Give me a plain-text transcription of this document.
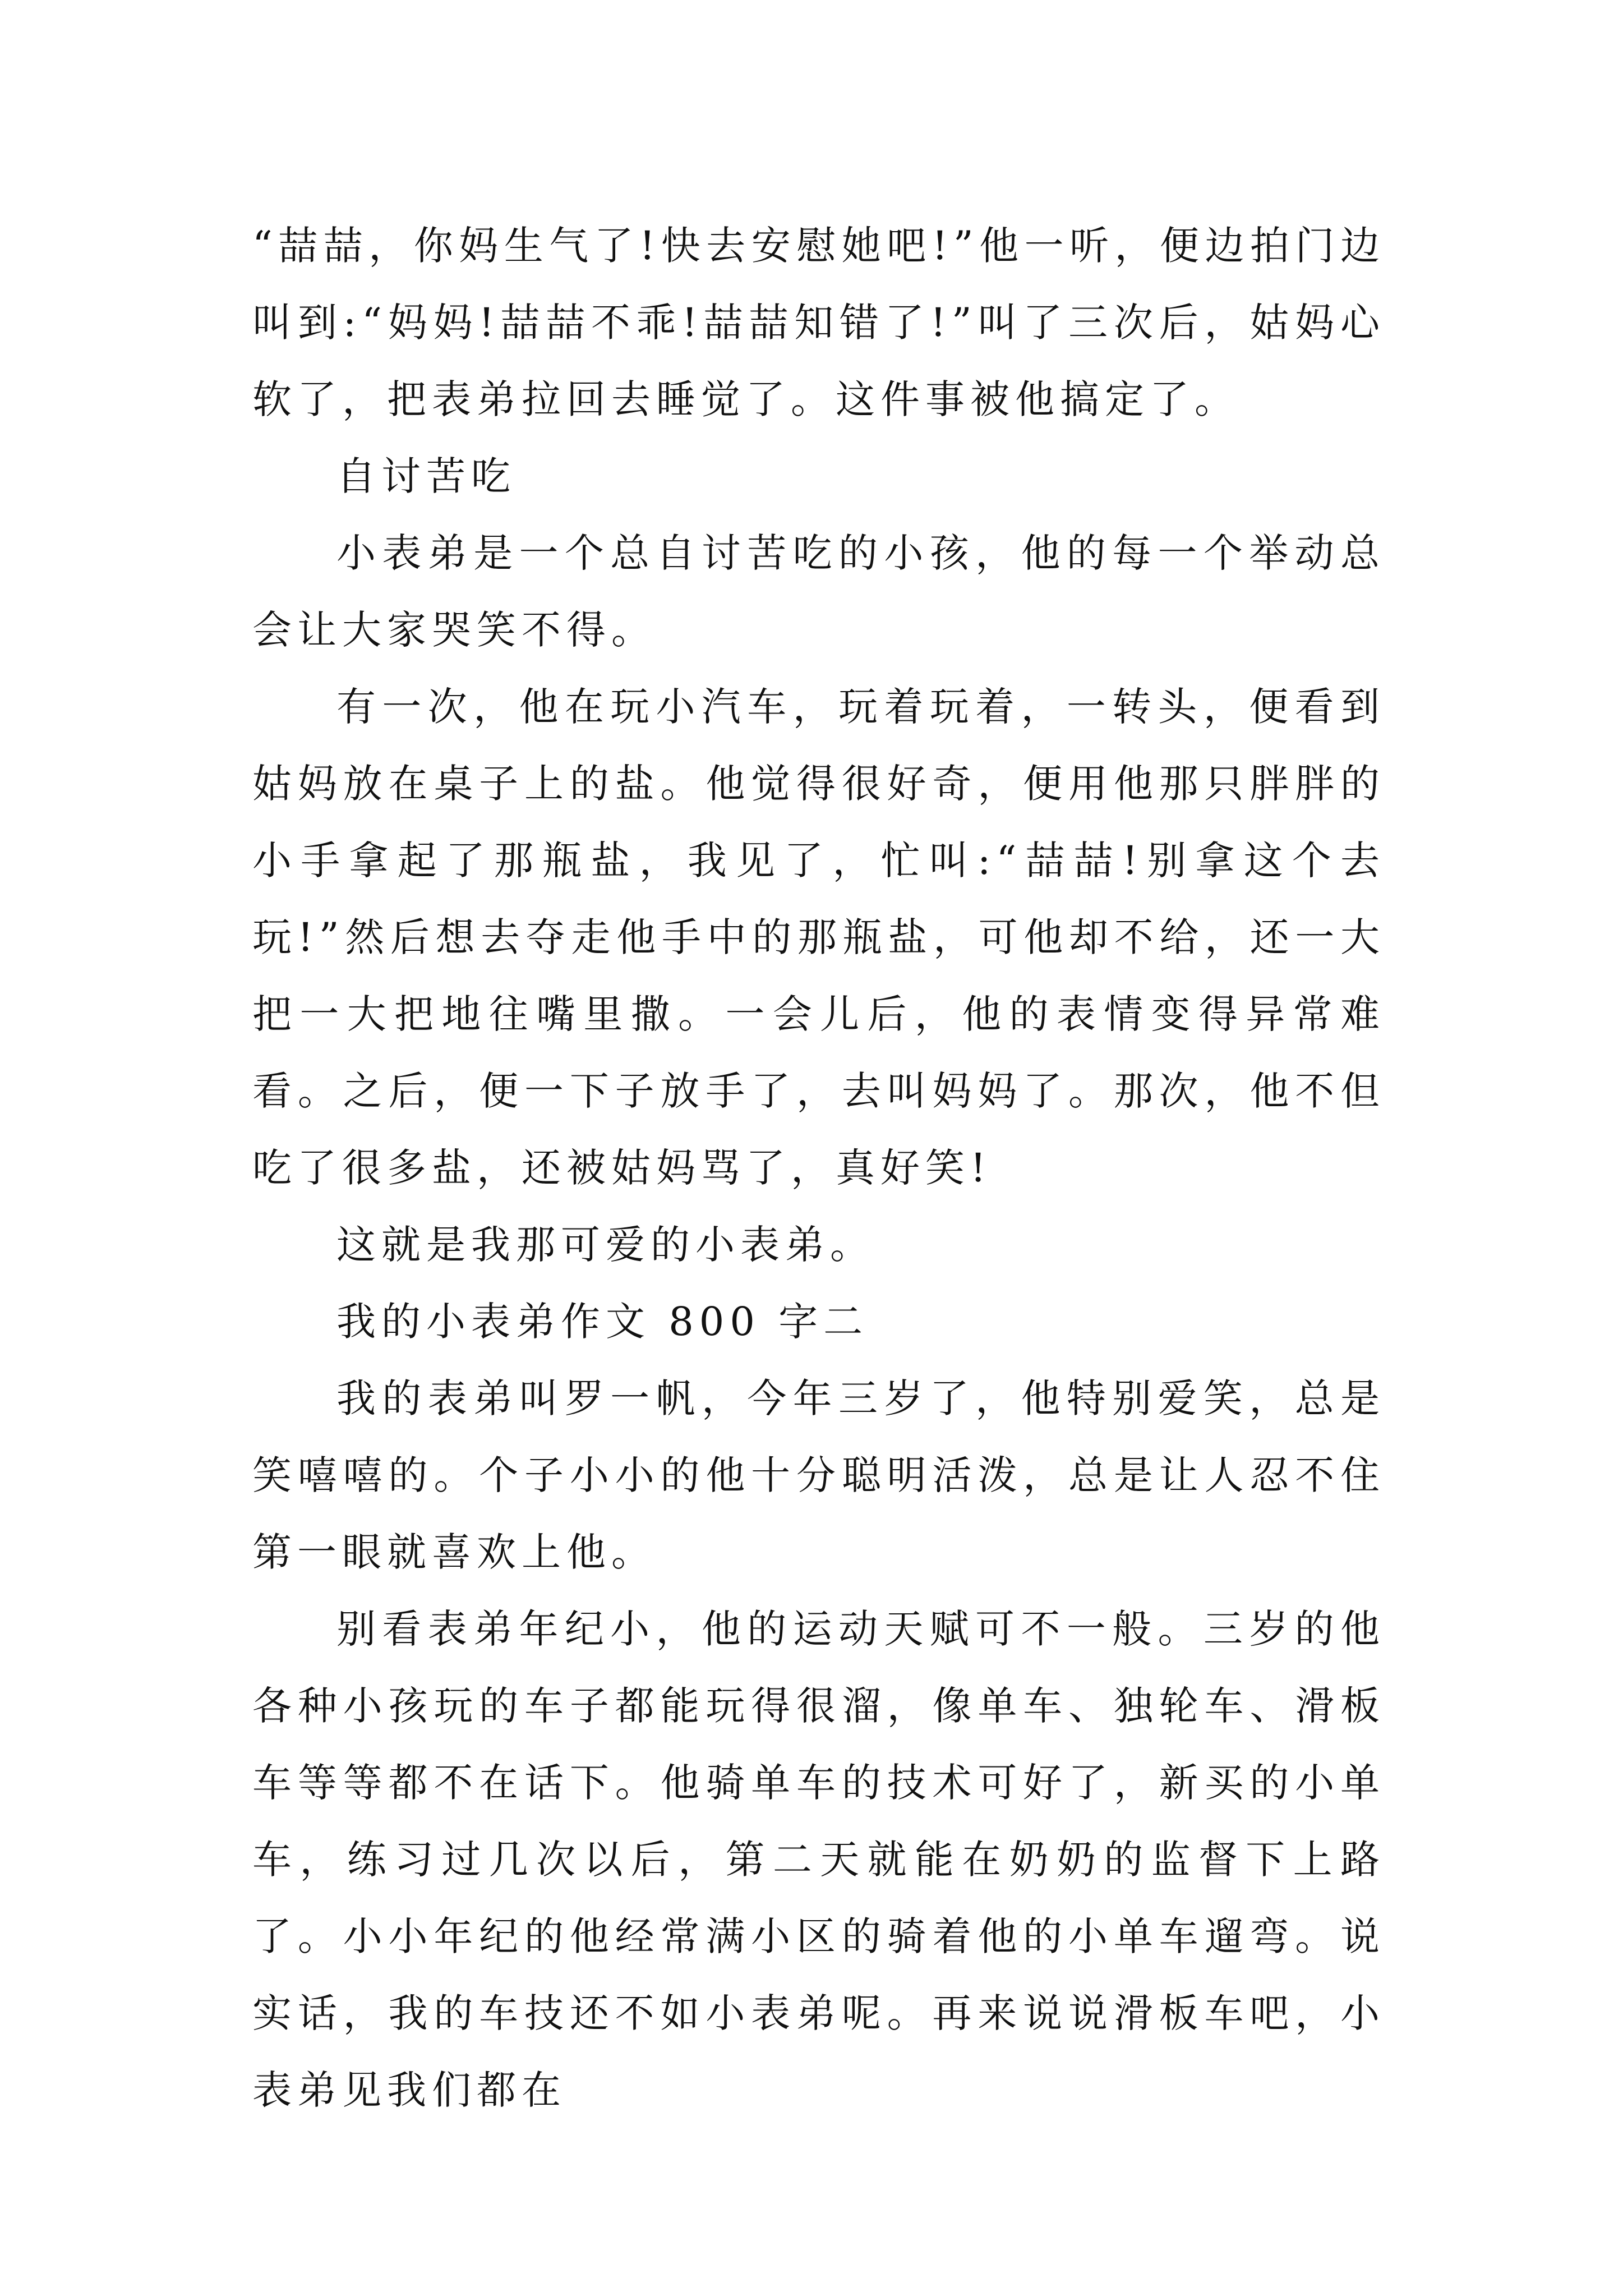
“喆喆，你妈生气了!快去安慰她吧!”他一听，便边拍门边叫到:“妈妈!喆喆不乖!喆喆知错了!”叫了三次后，姑妈心软了，把表弟拉回去睡觉了。这件事被他搞定了。

自讨苦吃

小表弟是一个总自讨苦吃的小孩，他的每一个举动总会让大家哭笑不得。

有一次，他在玩小汽车，玩着玩着，一转头，便看到姑妈放在桌子上的盐。他觉得很好奇，便用他那只胖胖的小手拿起了那瓶盐，我见了，忙叫:“喆喆!别拿这个去玩!”然后想去夺走他手中的那瓶盐，可他却不给，还一大把一大把地往嘴里撒。一会儿后，他的表情变得异常难看。之后，便一下子放手了，去叫妈妈了。那次，他不但吃了很多盐，还被姑妈骂了，真好笑!

这就是我那可爱的小表弟。

我的小表弟作文 800 字二

我的表弟叫罗一帆，今年三岁了，他特别爱笑，总是笑嘻嘻的。个子小小的他十分聪明活泼，总是让人忍不住第一眼就喜欢上他。

别看表弟年纪小，他的运动天赋可不一般。三岁的他各种小孩玩的车子都能玩得很溜，像单车、独轮车、滑板车等等都不在话下。他骑单车的技术可好了，新买的小单车，练习过几次以后，第二天就能在奶奶的监督下上路了。小小年纪的他经常满小区的骑着他的小单车遛弯。说实话，我的车技还不如小表弟呢。再来说说滑板车吧，小表弟见我们都在
